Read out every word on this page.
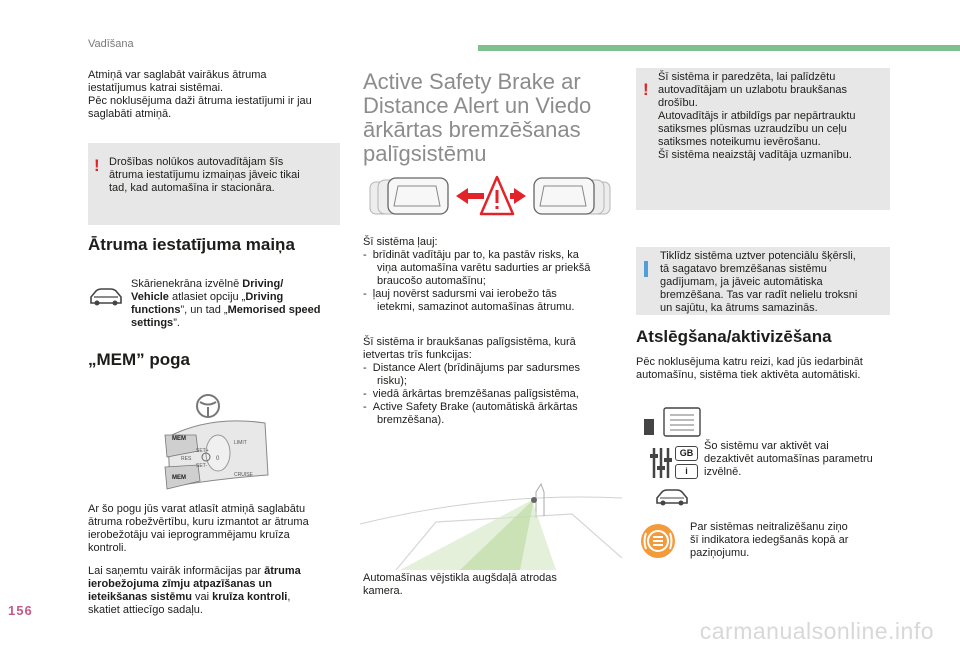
Vadīšana
Atmiņā var saglabāt vairākus ātruma
iestatījumus katrai sistēmai.
Pēc noklusējuma daži ātruma iestatījumi ir jau
saglabāti atmiņā.
! Drošības nolūkos autovadītājam šīs
ātruma iestatījumu izmaiņas jāveic tikai
tad, kad automašīna ir stacionāra.
Ātruma iestatījuma maiņa
Skārienekrāna izvēlnē Driving/
Vehicle atlasiet opciju „Driving
functions”, un tad „Memorised speed
settings”.
„MEM” poga
MEM
MEM
SET+
SET-
RES	0
LIMIT
CRUISE
Ar šo pogu jūs varat atlasīt atmiņā saglabātu
ātruma robežvērtību, kuru izmantot ar ātruma
ierobežotāju vai ieprogrammējamu kruīza
kontroli.
Lai saņemtu vairāk informācijas par ātruma
ierobežojuma zīmju atpazīšanas un
ieteikšanas sistēmu vai kruīza kontroli,
skatiet attiecīgo sadaļu.
Active Safety Brake ar
Distance Alert un Viedo
ārkārtas bremzēšanas
palīgsistēmu
Šī sistēma ļauj:
-  brīdināt vadītāju par to, ka pastāv risks, ka
viņa automašīna varētu sadurties ar priekšā
braucošo automašīnu;
-  ļauj novērst sadursmi vai ierobežo tās
ietekmi, samazinot automašīnas ātrumu.
Šī sistēma ir braukšanas palīgsistēma, kurā
ietvertas trīs funkcijas:
-  Distance Alert (brīdinājums par sadursmes
risku);
-  viedā ārkārtas bremzēšanas palīgsistēma,
-  Active Safety Brake (automātiskā ārkārtas
bremzēšana).
Automašīnas vējstikla augšdaļā atrodas
kamera.
!
Šī sistēma ir paredzēta, lai palīdzētu
autovadītājam un uzlabotu braukšanas
drošību.
Autovadītājs ir atbildīgs par nepārtrauktu
satiksmes plūsmas uzraudzību un ceļu
satiksmes noteikumu ievērošanu.
Šī sistēma neaizstāj vadītāja uzmanību.
Tiklīdz sistēma uztver potenciālu šķērsli,
tā sagatavo bremzēšanas sistēmu
gadījumam, ja jāveic automātiska
bremzēšana. Tas var radīt nelielu troksni
un sajūtu, ka ātrums samazinās.
Atslēgšana/aktivizēšana
Pēc noklusējuma katru reizi, kad jūs iedarbināt
automašīnu, sistēma tiek aktivēta automātiski.
GB
i
Šo sistēmu var aktivēt vai
dezaktivēt automašīnas parametru
izvēlnē.
Par sistēmas neitralizēšanu ziņo
šī indikatora iedegšanās kopā ar
paziņojumu.
156
carmanualsonline.info
